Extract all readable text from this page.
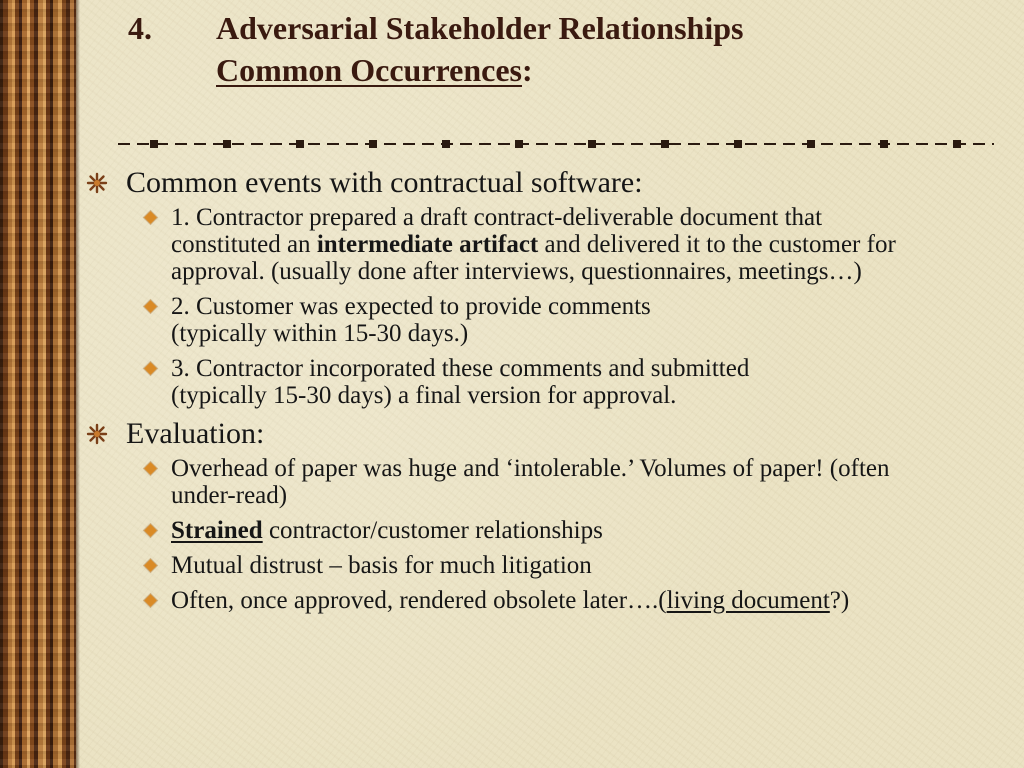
4. Adversarial Stakeholder Relationships
Common Occurrences:
Common events with contractual software:
1. Contractor prepared a draft contract-deliverable document that
constituted an intermediate artifact and delivered it to the customer for
approval. (usually done after interviews, questionnaires, meetings…)
2. Customer was expected to provide comments
(typically within 15-30 days.)
3. Contractor incorporated these comments and submitted
(typically 15-30 days) a final version for approval.
Evaluation:
Overhead of paper was huge and ‘intolerable.’ Volumes of paper! (often
under-read)
Strained contractor/customer relationships
Mutual distrust – basis for much litigation
Often, once approved, rendered obsolete later….(living document?)
